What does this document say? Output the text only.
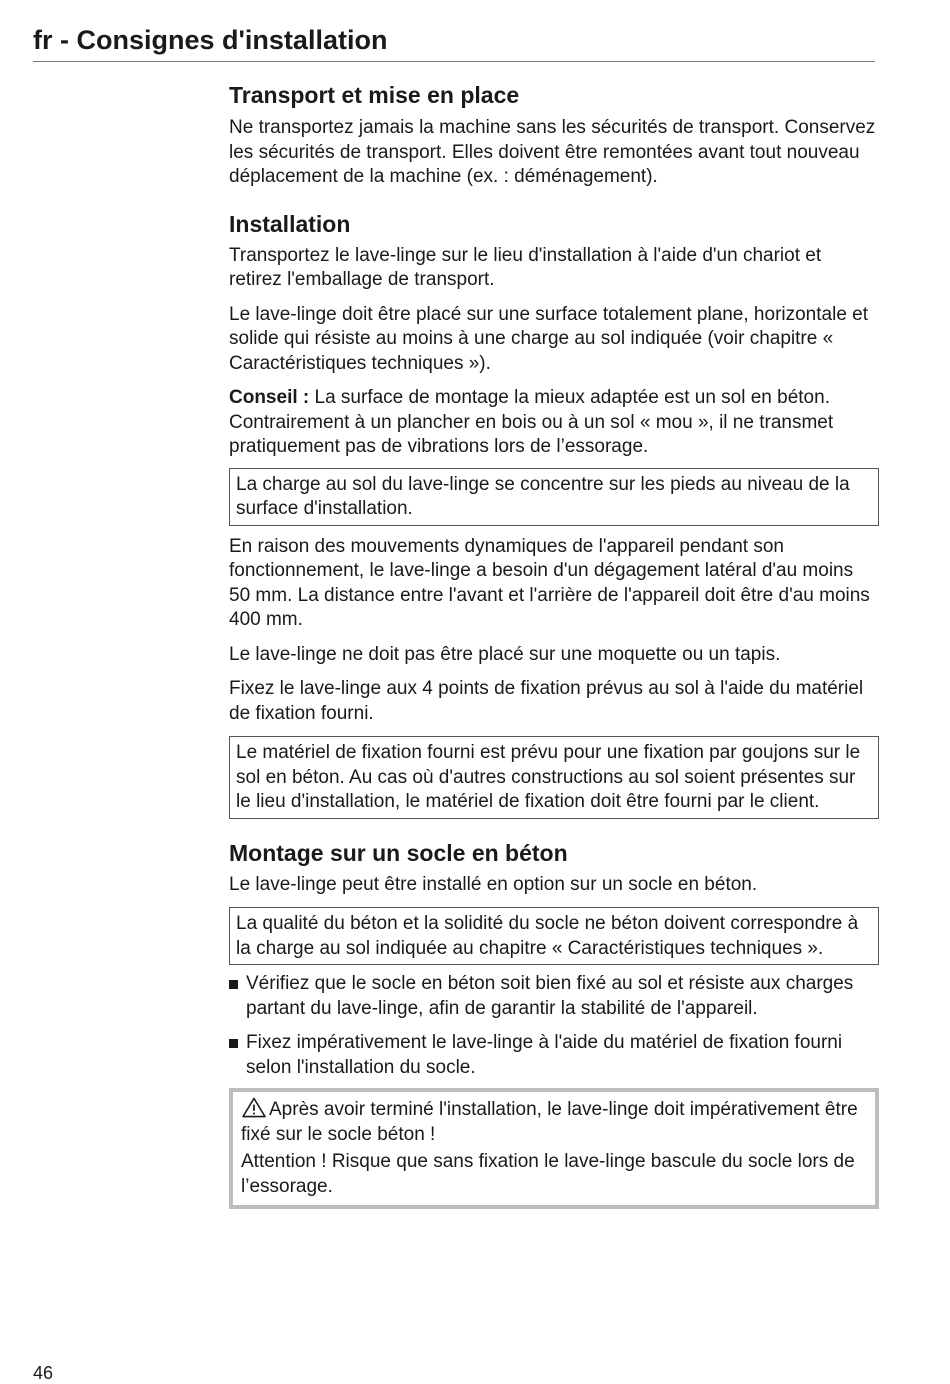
fr - Consignes d'installation
Transport et mise en place

Ne transportez jamais la machine sans les sécurités de transport. Conservez les sécurités de transport. Elles doivent être remontées avant tout nouveau déplacement de la machine (ex. : déménagement).

Installation

Transportez le lave-linge sur le lieu d'installation à l'aide d'un chariot et retirez l'emballage de transport.

Le lave-linge doit être placé sur une surface totalement plane, horizontale et solide qui résiste au moins à une charge au sol indiquée (voir chapitre « Caractéristiques techniques »).

Conseil : La surface de montage la mieux adaptée est un sol en béton. Contrairement à un plancher en bois ou à un sol « mou », il ne transmet pratiquement pas de vibrations lors de l’essorage.

La charge au sol du lave-linge se concentre sur les pieds au niveau de la surface d'installation.

En raison des mouvements dynamiques de l'appareil pendant son fonctionnement, le lave-linge a besoin d'un dégagement latéral d'au moins 50 mm. La distance entre l'avant et l'arrière de l'appareil doit être d'au moins 400 mm.

Le lave-linge ne doit pas être placé sur une moquette ou un tapis.

Fixez le lave-linge aux 4 points de fixation prévus au sol à l'aide du matériel de fixation fourni.

Le matériel de fixation fourni est prévu pour une fixation par goujons sur le sol en béton. Au cas où d'autres constructions au sol soient présentes sur le lieu d'installation, le matériel de fixation doit être fourni par le client.
Montage sur un socle en béton

Le lave-linge peut être installé en option sur un socle en béton.

La qualité du béton et la solidité du socle ne béton doivent correspondre à la charge au sol indiquée au chapitre « Caractéristiques techniques ».
Vérifiez que le socle en béton soit bien fixé au sol et résiste aux charges partant du lave-linge, afin de garantir la stabilité de l'appareil.
Fixez impérativement le lave-linge à l'aide du matériel de fixation fourni selon l'installation du socle.
Après avoir terminé l'installation, le lave-linge doit impérativement être fixé sur le socle béton !
Attention ! Risque que sans fixation le lave-linge bascule du socle lors de l’essorage.
46
